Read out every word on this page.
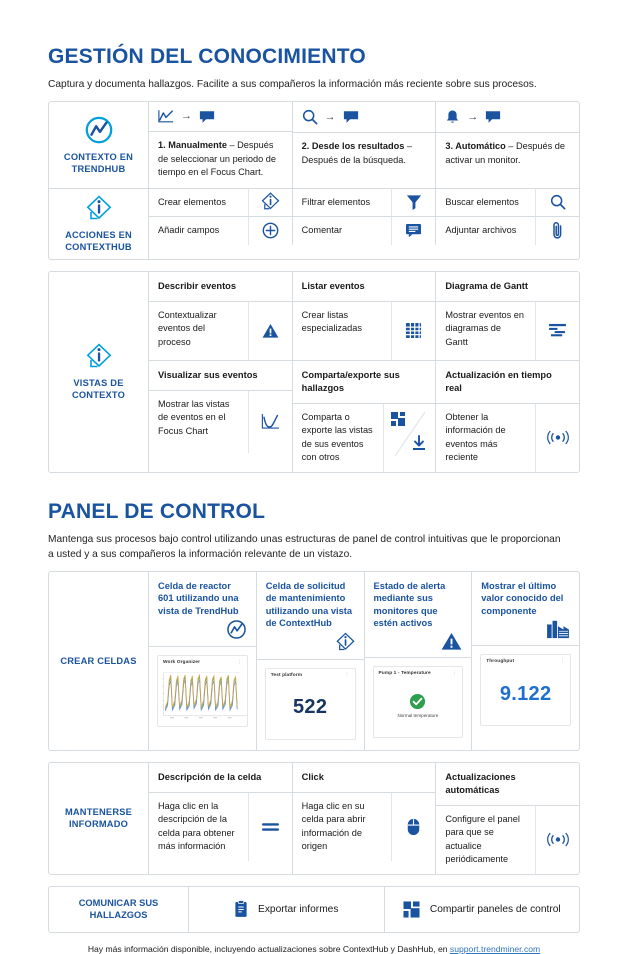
GESTIÓN DEL CONOCIMIENTO

Captura y documenta hallazgos. Facilite a sus compañeros la información más reciente sobre sus procesos.

CONTEXTO EN TRENDHUB
→
1. Manualmente – Después de seleccionar un periodo de tiempo en el Focus Chart.
→
2. Desde los resultados – Después de la búsqueda.
→
3. Automático – Después de activar un monitor.
ACCIONES EN CONTEXTHUB
Crear elementos	Filtrar elementos	Buscar elementos
Añadir campos	Comentar	Adjuntar archivos
VISTAS DE CONTEXTO
Describir eventos
Contextualizar eventos del proceso
Listar eventos
Crear listas especializadas
Diagrama de Gantt
Mostrar eventos en diagramas de Gantt
Visualizar sus eventos
Mostrar las vistas de eventos en el Focus Chart
Comparta/exporte sus hallazgos
Comparta o exporte las vistas de sus eventos con otros
Actualización en tiempo real
Obtener la información de eventos más reciente
PANEL DE CONTROL

Mantenga sus procesos bajo control utilizando unas estructuras de panel de control intuitivas que le proporcionan a usted y a sus compañeros la información relevante de un vistazo.

CREAR CELDAS
Celda de reactor 601 utilizando una vista de TrendHub
Work Organizer	⋮
Celda de solicitud de mantenimiento utilizando una vista de ContextHub
Test platform	⋮
522
Estado de alerta mediante sus monitores que estén activos
Pump 1 - Temperature	⋮
Normal temperature
Mostrar el último valor conocido del componente
Throughput	⋮
9.122
MANTENERSE INFORMADO
Descripción de la celda
Haga clic en la descripción de la celda para obtener más información
Click
Haga clic en su celda para abrir información de origen
Actualizaciones automáticas
Configure el panel para que se actualice periódicamente
COMUNICAR SUS HALLAZGOS
Exportar informes	Compartir paneles de control
Hay más información disponible, incluyendo actualizaciones sobre ContextHub y DashHub, en support.trendminer.com
